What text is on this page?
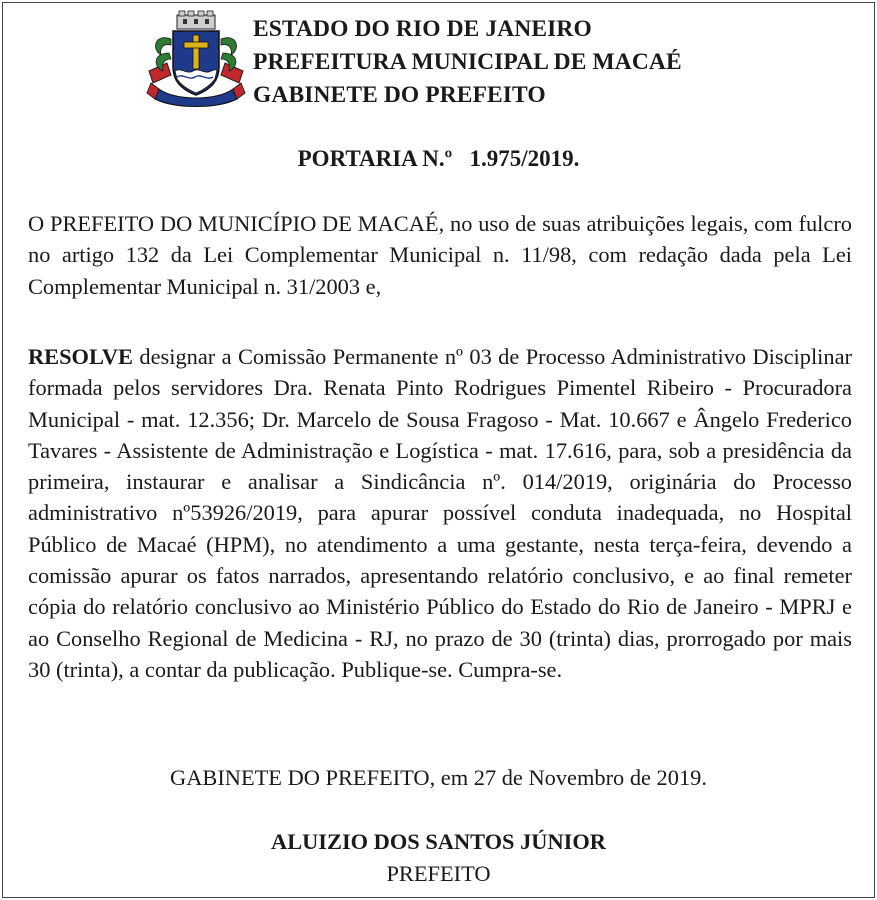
ESTADO DO RIO DE JANEIRO
PREFEITURA MUNICIPAL DE MACAÉ
GABINETE DO PREFEITO
PORTARIA N.º   1.975/2019.
O PREFEITO DO MUNICÍPIO DE MACAÉ, no uso de suas atribuições legais, com fulcro no artigo 132 da Lei Complementar Municipal n. 11/98, com redação dada pela Lei Complementar Municipal n. 31/2003 e,
RESOLVE designar a Comissão Permanente nº 03 de Processo Administrativo Disciplinar formada pelos servidores Dra. Renata Pinto Rodrigues Pimentel Ribeiro - Procuradora Municipal - mat. 12.356; Dr. Marcelo de Sousa Fragoso - Mat. 10.667 e Ângelo Frederico Tavares - Assistente de Administração e Logística - mat. 17.616, para, sob a presidência da primeira, instaurar e analisar a Sindicância nº. 014/2019, originária do Processo administrativo nº53926/2019, para apurar possível conduta inadequada, no Hospital Público de Macaé (HPM), no atendimento a uma gestante, nesta terça-feira, devendo a comissão apurar os fatos narrados, apresentando relatório conclusivo, e ao final remeter cópia do relatório conclusivo ao Ministério Público do Estado do Rio de Janeiro - MPRJ e ao Conselho Regional de Medicina - RJ, no prazo de 30 (trinta) dias, prorrogado por mais 30 (trinta), a contar da publicação. Publique-se. Cumpra-se.
GABINETE DO PREFEITO, em 27 de Novembro de 2019.
ALUIZIO DOS SANTOS JÚNIOR
PREFEITO
